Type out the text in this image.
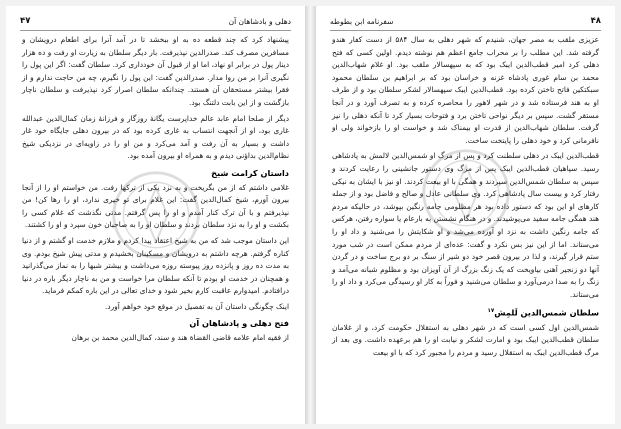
دهلی و بادشاهان آن
۴۷

پیشنهاد کرد که چند قطعه ده به او ببخشد تا در آمد آنرا برای اطعام درویشان و مسافرین مصرف کند. صدرالدین نپذیرفت. بار دیگر سلطان به زیارت او رفت و ده هزار دینار پول در برابر او نهاد، اما او از قبول آن خودداری کرد. سلطان گفت: اگر این پول را نگیری آنرا بر من روا مدار. صدرالدین گفت: این پول را نگیرم، چه من حاجت ندارم و از فقرا بیشتر مستحقان آن هستند. چندانکه سلطان اصرار کرد نپذیرفت و سلطان ناچار بازگشت و از این بابت دلتنگ بود.

دیگر از صلحا امام عابد عالم خداپرست یگانهٔ روزگار و فرزانهٔ زمان کمال‌الدین عبدالله غاری بود، او از آنجهت انتساب به غاری کرده بود که در بیرون دهلی جایگاه خود غار داشت و بسیار به آن رفت و آمد می‌کرد و من او را در زاویه‌ای در نزدیکی شیخ نظام‌الدین بداؤنی دیدم و به همراه او بیرون آمده بود.

داستان کرامت شیخ

غلامی داشتم که از من بگریخت و به نزد یکی از ترکها رفت. من خواستم او را از آنجا بیرون آورم، شیخ کمال‌الدین گفت: این غلام برای تو خیری ندارد، او را رها کن! من نپذیرفتم و با آن ترک کنار آمدم و او را پس گرفتم. مدتی نگذشت که غلام کسی را بکشت و او را به نزد سلطان بردند و سلطان او را به صاحبان خون سپرد و او را کشتند.

این داستان موجب شد که من به شیخ اعتقاد پیدا کردم و ملازم خدمت او گشتم و از دنیا کناره گرفتم. هرچه داشتم به درویشان و مسکینان بخشیدم و مدتی پیش شیخ بودم. وی به مدت ده روز و پانزده روز پیوسته روزه می‌داشت و بیشتر شبها را به نماز می‌گذرانید و همچنان در خدمت او بودم تا آنکه سلطان مرا خواست و من به ناچار دیگر باره در دنیا درافتادم. امیدوارم عاقبت کارم بخیر شود و خدای تعالی در این باره کمکم فرماید.

اینک چگونگی داستان آن به تفصیل در موقع خود خواهم آورد.

فتح دهلی و پادشاهان آن

از فقیه امام علامه قاضی القضاة هند و سند، کمال‌الدین محمد بن برهان

۴۸
سفرنامه ابن بطوطه

عزیزی ملقب به مصر جهان، شنیدم که شهر دهلی به سال ۵۸۴ از دست کفار هندو گرفته شد. این مطلب را بر محراب جامع اعظم هم نوشته دیدم. اولین کسی که فتح دهلی کرد امیر قطب‌الدین ایبک بود که به سپهسالار ملقب بود. او غلام شهاب‌الدین محمد بن سام غوری پادشاه غزنه و خراسان بود که بر ابراهیم بن سلطان محمود سبکتکین فاتح تاختن کرده بود. قطب‌الدین ایبک سپهسالار لشکر سلطان بود و از طرف او به هند فرستاده شد و در شهر لاهور را محاصره کرده و به تصرف آورد و در آنجا مستقر گشت. سپس بر دیگر نواحی تاختن برد و فتوحات بسیار کرد تا آنکه دهلی را نیز گرفت. سلطان شهاب‌الدین از قدرت او بیمناک شد و خواست او را بازخواند ولی او نافرمانی کرد و خود دهلی را پایتخت ساخت.

قطب‌الدین ایبک در دهلی سلطنت کرد و پس از مرگ او شمس‌الدین لالمش به پادشاهی رسید. سپاهیان قطب‌الدین ایبک پس از مرگ وی دستور جانشینی را رعایت کردند و سپس به سلطان شمس‌الدین سپردند و همگی با او بیعت کردند. او نیز با ایشان به نیکی رفتار کرد و بیست سال پادشاهی کرد. وی سلطانی عادل و صالح و فاضل بود و از جمله کارهای او این بود که دستور داده بود هر مظلومی جامه رنگین بپوشد، در حالیکه مردم هند همگی جامه سفید می‌پوشیدند. و در هنگام نشستن به بارعام یا سواره رفتن، هرکس که جامه رنگین داشت به نزد او آورده می‌شد و او شکایتش را می‌شنید و داد او را می‌ستاند. اما از این نیز بس نکرد و گفت: عده‌ای از مردم ممکن است در شب مورد ستم قرار گیرند، و لذا در بیرون قصر خود دو شیر از سنگ بر دو برج ساخت و در گردن آنها دو زنجیر آهنی بیاویخت که یک زنگ بزرگ از آن آویزان بود و مظلوم شبانه می‌آمد و زنگ را به صدا درمی‌آورد و سلطان می‌شنید و فوراً به کار او رسیدگی می‌کرد و داد او را می‌ستاند.

سلطان شمس‌الدین لَلمِش$^{۱۷}$

شمس‌الدین اول کسی است که در شهر دهلی به استقلال حکومت کرد، و از غلامان سلطان قطب‌الدین ایبک بود و امارت لشکر و نیابت او را هم برعهده داشت. وی بعد از مرگ قطب‌الدین ایبک به استقلال رسید و مردم را مجبور کرد که با او بیعت
